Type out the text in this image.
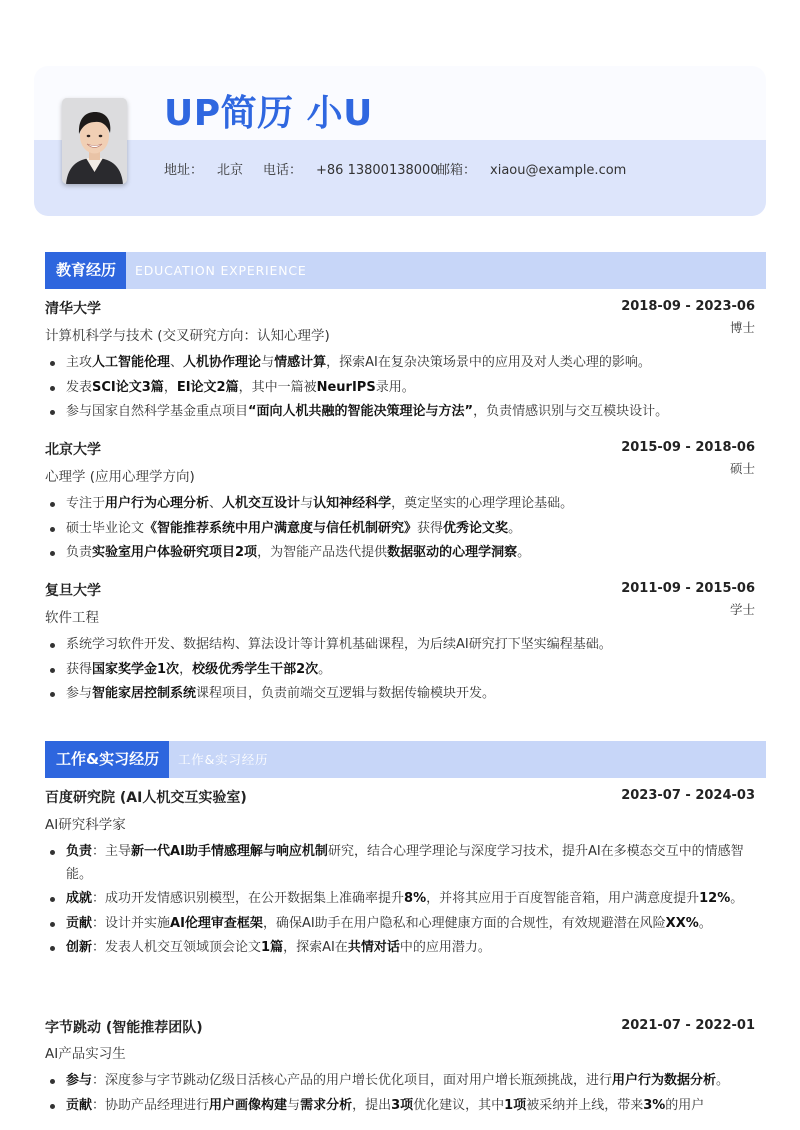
UP简历 小U
地址： 北京 电话： +86 13800138000
邮箱： xiaou@example.com
教育经历	EDUCATION EXPERIENCE
清华大学	2018-09 - 2023-06
计算机科学与技术 (交叉研究方向：认知心理学)
博士
主攻人工智能伦理、人机协作理论与情感计算，探索AI在复杂决策场景中的应用及对人类心理的影响。
发表SCI论文3篇，EI论文2篇，其中一篇被NeurIPS录用。
参与国家自然科学基金重点项目“面向人机共融的智能决策理论与方法”，负责情感识别与交互模块设计。
北京大学	2015-09 - 2018-06
心理学 (应用心理学方向)
硕士
专注于用户行为心理分析、人机交互设计与认知神经科学，奠定坚实的心理学理论基础。
硕士毕业论文《智能推荐系统中用户满意度与信任机制研究》获得优秀论文奖。
负责实验室用户体验研究项目2项，为智能产品迭代提供数据驱动的心理学洞察。
复旦大学	2011-09 - 2015-06
软件工程
学士
系统学习软件开发、数据结构、算法设计等计算机基础课程，为后续AI研究打下坚实编程基础。
获得国家奖学金1次，校级优秀学生干部2次。
参与智能家居控制系统课程项目，负责前端交互逻辑与数据传输模块开发。
工作&实习经历	工作&实习经历
百度研究院 (AI人机交互实验室)	2023-07 - 2024-03
AI研究科学家
负责：主导新一代AI助手情感理解与响应机制研究，结合心理学理论与深度学习技术，提升AI在多模态交互中的情感智能。
成就：成功开发情感识别模型，在公开数据集上准确率提升8%，并将其应用于百度智能音箱，用户满意度提升12%。
贡献：设计并实施AI伦理审查框架，确保AI助手在用户隐私和心理健康方面的合规性，有效规避潜在风险XX%。
创新：发表人机交互领域顶会论文1篇，探索AI在共情对话中的应用潜力。
字节跳动 (智能推荐团队)	2021-07 - 2022-01
AI产品实习生
参与：深度参与字节跳动亿级日活核心产品的用户增长优化项目，面对用户增长瓶颈挑战，进行用户行为数据分析。
贡献：协助产品经理进行用户画像构建与需求分析，提出3项优化建议，其中1项被采纳并上线，带来3%的用户
